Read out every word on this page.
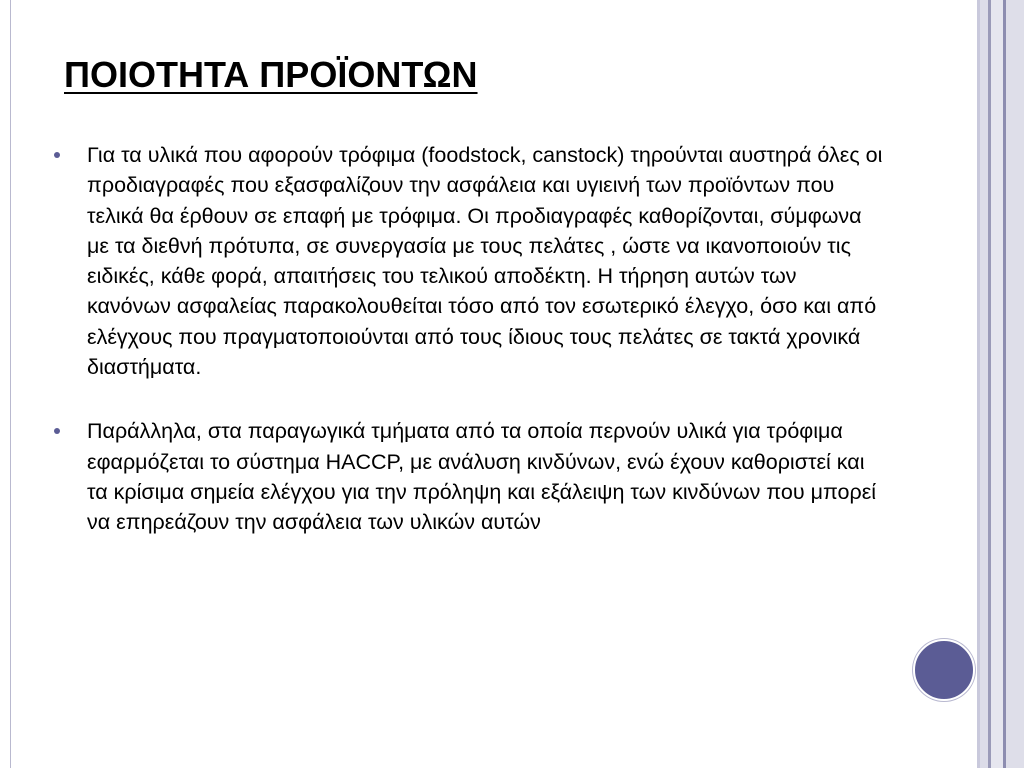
ΠΟΙΟΤΗΤΑ ΠΡΟΪΟΝΤΩΝ
Για τα υλικά που αφορούν τρόφιμα (foodstock, canstock) τηρούνται αυστηρά όλες οι προδιαγραφές που εξασφαλίζουν την ασφάλεια και υγιεινή των προϊόντων που τελικά θα έρθουν σε επαφή με τρόφιμα. Οι προδιαγραφές καθορίζονται, σύμφωνα με τα διεθνή πρότυπα, σε συνεργασία με τους πελάτες , ώστε να ικανοποιούν τις ειδικές, κάθε φορά, απαιτήσεις του τελικού αποδέκτη. Η τήρηση αυτών των κανόνων ασφαλείας παρακολουθείται τόσο από τον εσωτερικό έλεγχο, όσο και από ελέγχους που πραγματοποιούνται από τους ίδιους τους πελάτες σε τακτά χρονικά διαστήματα.
Παράλληλα, στα παραγωγικά τμήματα από τα οποία περνούν υλικά για τρόφιμα εφαρμόζεται το σύστημα HACCP, με ανάλυση κινδύνων, ενώ έχουν καθοριστεί και τα κρίσιμα σημεία ελέγχου για την πρόληψη και εξάλειψη των κινδύνων που μπορεί να επηρεάζουν την ασφάλεια των υλικών αυτών
